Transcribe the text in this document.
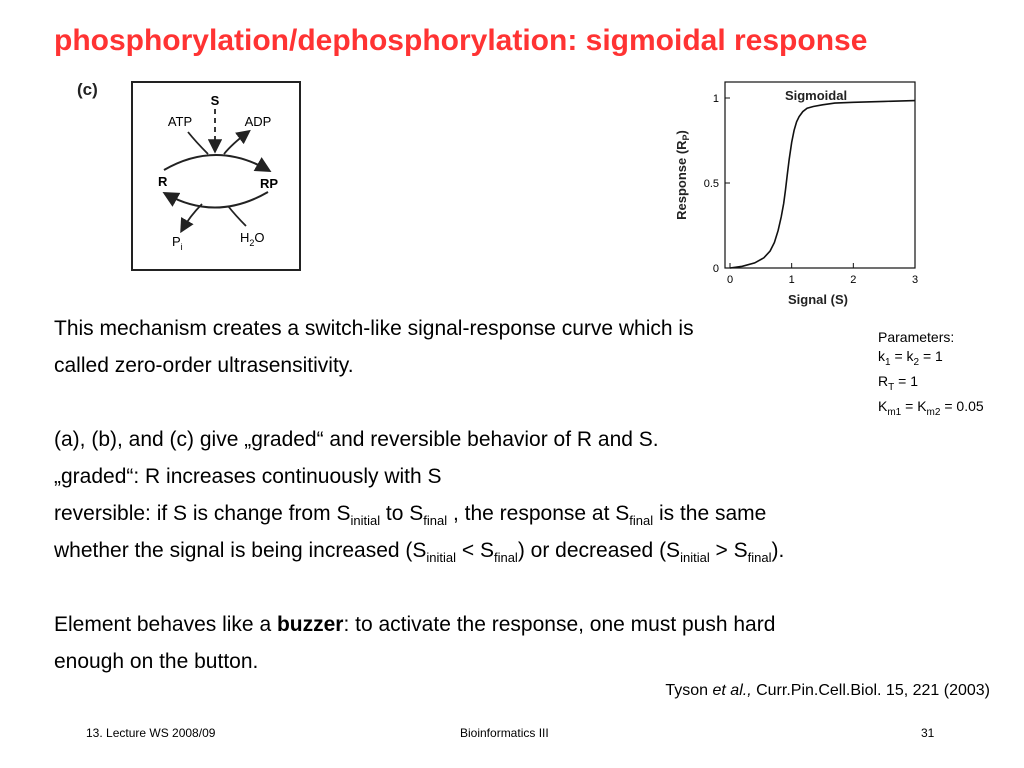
phosphorylation/dephosphorylation: sigmoidal response
(c)
S
ATP	ADP
R	RP
$P_i$
$H_2O$
Sigmoidal
Signal (S)
Response $(R_P)$
0	1	2	3
0
0.5
1
Parameters:
$k_1 = k_2 = 1$
$R_T = 1$
$K_{m1} = K_{m2} = 0.05$

This mechanism creates a switch-like signal-response curve which is

called zero-order ultrasensitivity.

(a), (b), and (c) give „graded“ and reversible behavior of R and S.

„graded“: R increases continuously with S

reversible: if S is change from $S_{initial}$ to $S_{final}$ , the response at $S_{final}$ is the same

whether the signal is being increased $(S_{initial} < S_{final})$ or decreased $(S_{initial} > S_{final})$.

Element behaves like a buzzer: to activate the response, one must push hard

enough on the button.

Tyson et al., Curr.Pin.Cell.Biol. 15, 221 (2003)
13. Lecture WS 2008/09	Bioinformatics III	31
